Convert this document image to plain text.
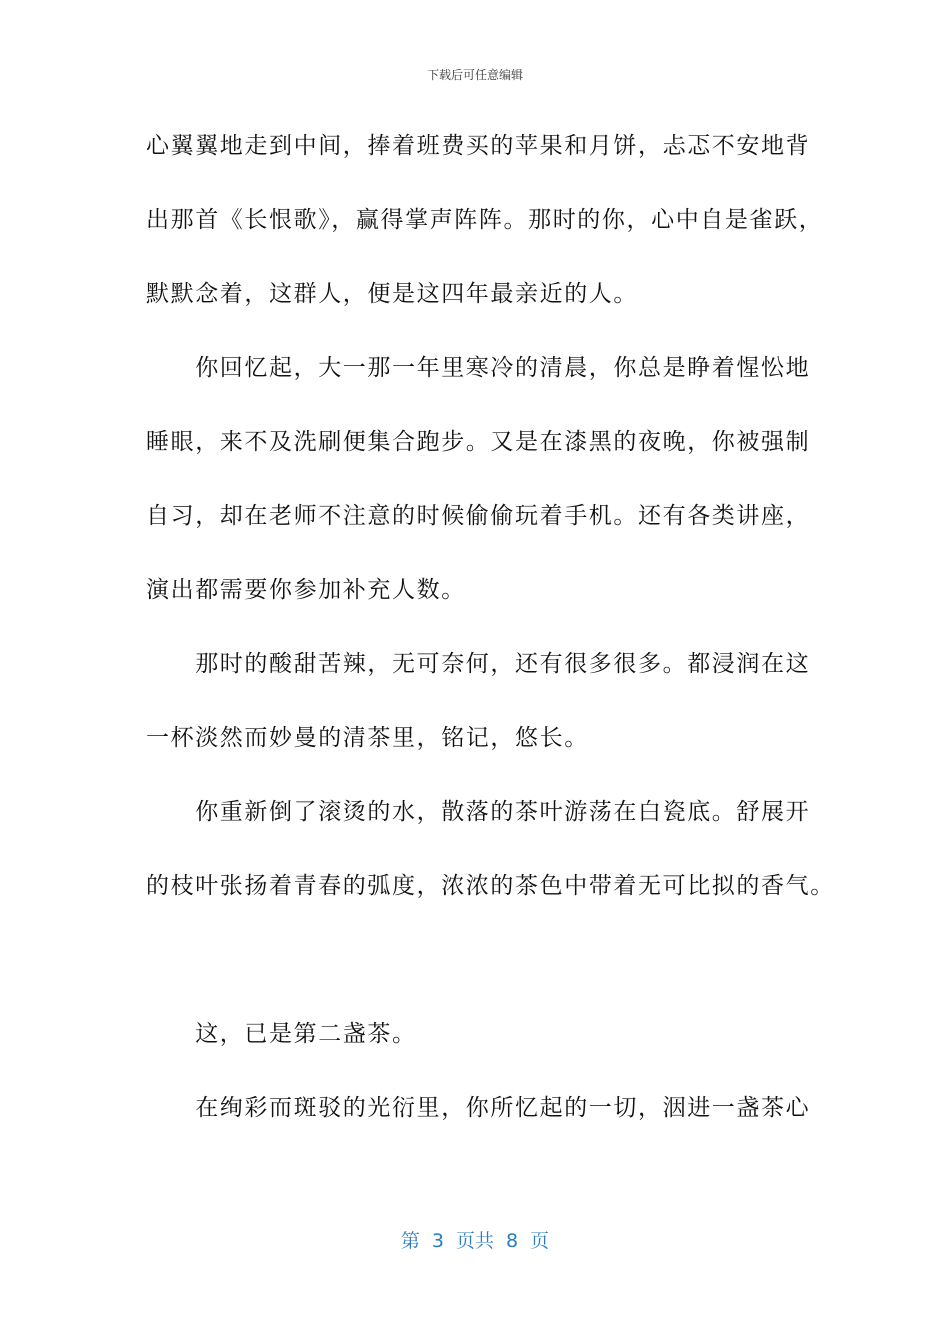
下载后可任意编辑
心翼翼地走到中间，捧着班费买的苹果和月饼，忐忑不安地背
出那首《长恨歌》，赢得掌声阵阵。那时的你，心中自是雀跃，
默默念着，这群人，便是这四年最亲近的人。
　　你回忆起，大一那一年里寒冷的清晨，你总是睁着惺忪地
睡眼，来不及洗刷便集合跑步。又是在漆黑的夜晚，你被强制
自习，却在老师不注意的时候偷偷玩着手机。还有各类讲座，
演出都需要你参加补充人数。
　　那时的酸甜苦辣，无可奈何，还有很多很多。都浸润在这
一杯淡然而妙曼的清茶里，铭记，悠长。
　　你重新倒了滚烫的水，散落的茶叶游荡在白瓷底。舒展开
的枝叶张扬着青春的弧度，浓浓的茶色中带着无可比拟的香气。
　　这，已是第二盏茶。
　　在绚彩而斑驳的光衍里，你所忆起的一切，洇进一盏茶心
第 3 页共 8 页
